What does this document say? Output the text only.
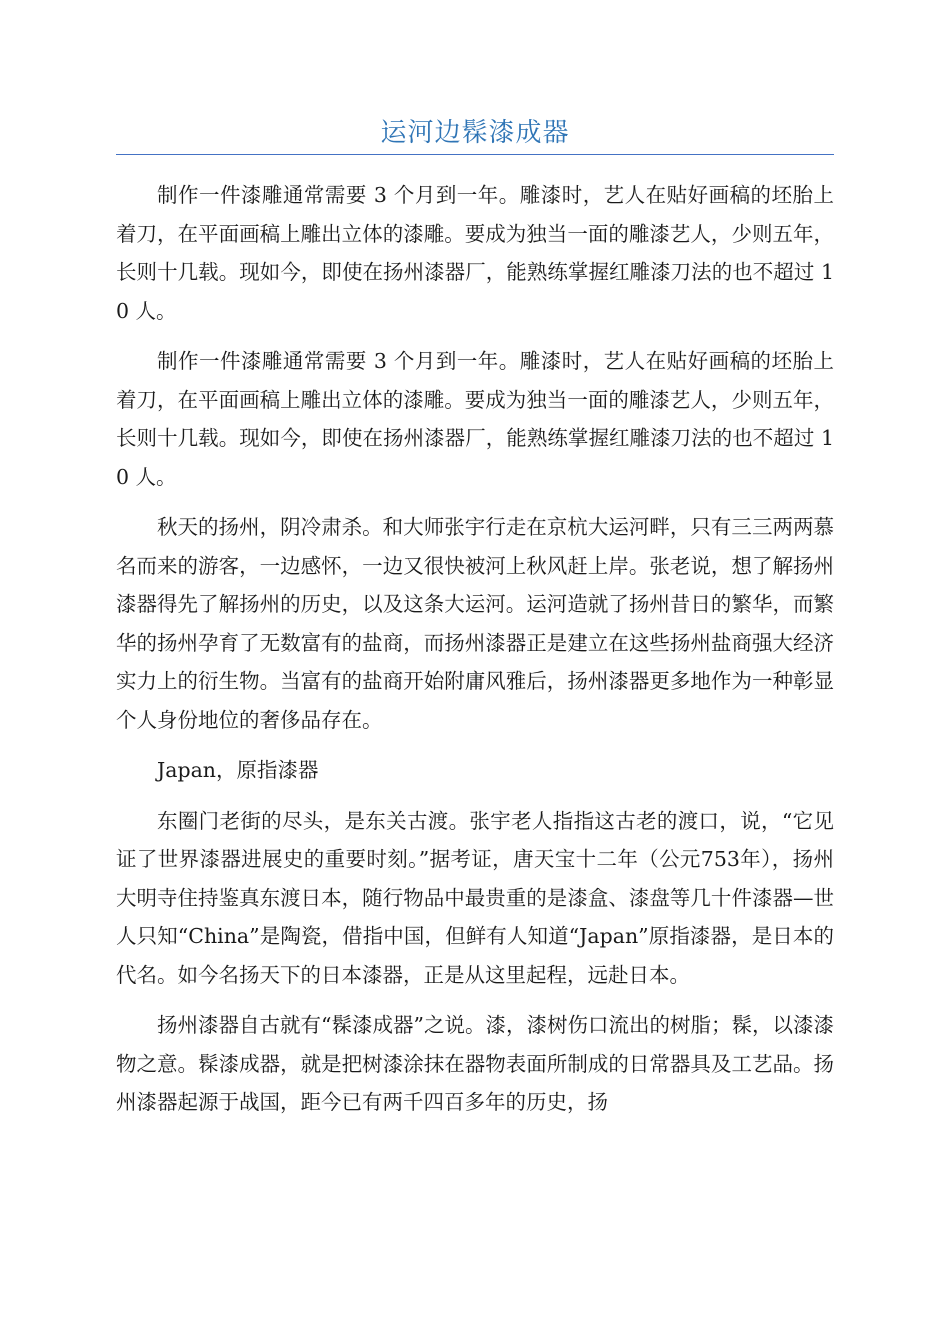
运河边髹漆成器

制作一件漆雕通常需要 3 个月到一年。雕漆时，艺人在贴好画稿的坯胎上着刀，在平面画稿上雕出立体的漆雕。要成为独当一面的雕漆艺人，少则五年，长则十几载。现如今，即使在扬州漆器厂，能熟练掌握红雕漆刀法的也不超过 10 人。

制作一件漆雕通常需要 3 个月到一年。雕漆时，艺人在贴好画稿的坯胎上着刀，在平面画稿上雕出立体的漆雕。要成为独当一面的雕漆艺人，少则五年，长则十几载。现如今，即使在扬州漆器厂，能熟练掌握红雕漆刀法的也不超过 10 人。

秋天的扬州，阴冷肃杀。和大师张宇行走在京杭大运河畔，只有三三两两慕名而来的游客，一边感怀，一边又很快被河上秋风赶上岸。张老说，想了解扬州漆器得先了解扬州的历史，以及这条大运河。运河造就了扬州昔日的繁华，而繁华的扬州孕育了无数富有的盐商，而扬州漆器正是建立在这些扬州盐商强大经济实力上的衍生物。当富有的盐商开始附庸风雅后，扬州漆器更多地作为一种彰显个人身份地位的奢侈品存在。

Japan，原指漆器

东圈门老街的尽头，是东关古渡。张宇老人指指这古老的渡口，说，“它见证了世界漆器进展史的重要时刻。”据考证，唐天宝十二年（公元753年），扬州大明寺住持鉴真东渡日本，随行物品中最贵重的是漆盒、漆盘等几十件漆器—世人只知“China”是陶瓷，借指中国，但鲜有人知道“Japan”原指漆器，是日本的代名。如今名扬天下的日本漆器，正是从这里起程，远赴日本。

扬州漆器自古就有“髹漆成器”之说。漆，漆树伤口流出的树脂；髹，以漆漆物之意。髹漆成器，就是把树漆涂抹在器物表面所制成的日常器具及工艺品。扬州漆器起源于战国，距今已有两千四百多年的历史，扬
